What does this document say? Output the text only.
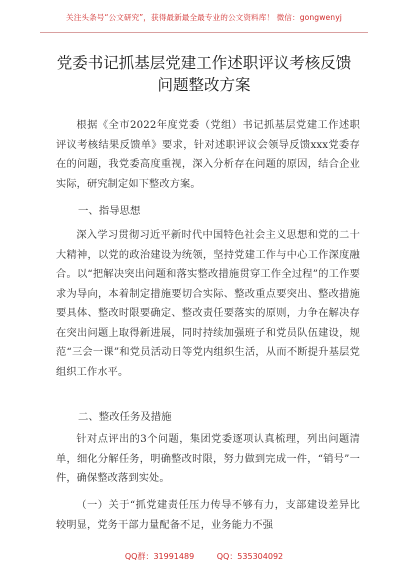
关注头条号“公文研究”，获得最新最全最专业的公文资料库！ 微信：gongwenyj
党委书记抓基层党建工作述职评议考核反馈
问题整改方案
根据《全市2022年度党委（党组）书记抓基层党建工作述职评议考核结果反馈单》要求，针对述职评议会领导反馈xxx党委存在的问题，我党委高度重视，深入分析存在问题的原因，结合企业实际，研究制定如下整改方案。
一、指导思想
深入学习贯彻习近平新时代中国特色社会主义思想和党的二十大精神，以党的政治建设为统领，坚持党建工作与中心工作深度融合。以“把解决突出问题和落实整改措施贯穿工作全过程”的工作要求为导向，本着制定措施要切合实际、整改重点要突出、整改措施要具体、整改时限要确定、整改责任要落实的原则，力争在解决存在突出问题上取得新进展，同时持续加强班子和党员队伍建设，规范“三会一课”和党员活动日等党内组织生活，从而不断提升基层党组织工作水平。
二、整改任务及措施
针对点评出的3个问题，集团党委逐项认真梳理，列出问题清单，细化分解任务，明确整改时限，努力做到完成一件，“销号”一件，确保整改落到实处。
（一）关于“抓党建责任压力传导不够有力，支部建设差异比较明显，党务干部力量配备不足，业务能力不强
QQ群：31991489	QQ：535304092
